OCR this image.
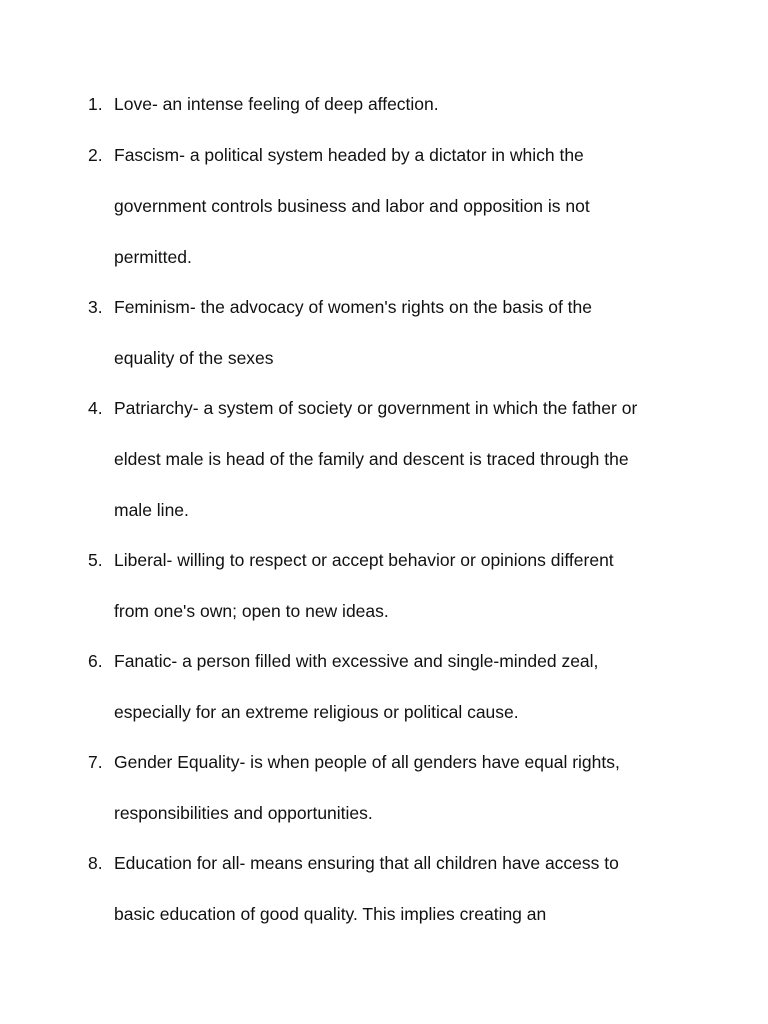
1. Love- an intense feeling of deep affection.
2. Fascism- a political system headed by a dictator in which the
government controls business and labor and opposition is not
permitted.
3. Feminism- the advocacy of women's rights on the basis of the
equality of the sexes
4. Patriarchy- a system of society or government in which the father or
eldest male is head of the family and descent is traced through the
male line.
5. Liberal- willing to respect or accept behavior or opinions different
from one's own; open to new ideas.
6. Fanatic- a person filled with excessive and single-minded zeal,
especially for an extreme religious or political cause.
7. Gender Equality- is when people of all genders have equal rights,
responsibilities and opportunities.
8. Education for all- means ensuring that all children have access to
basic education of good quality. This implies creating an
